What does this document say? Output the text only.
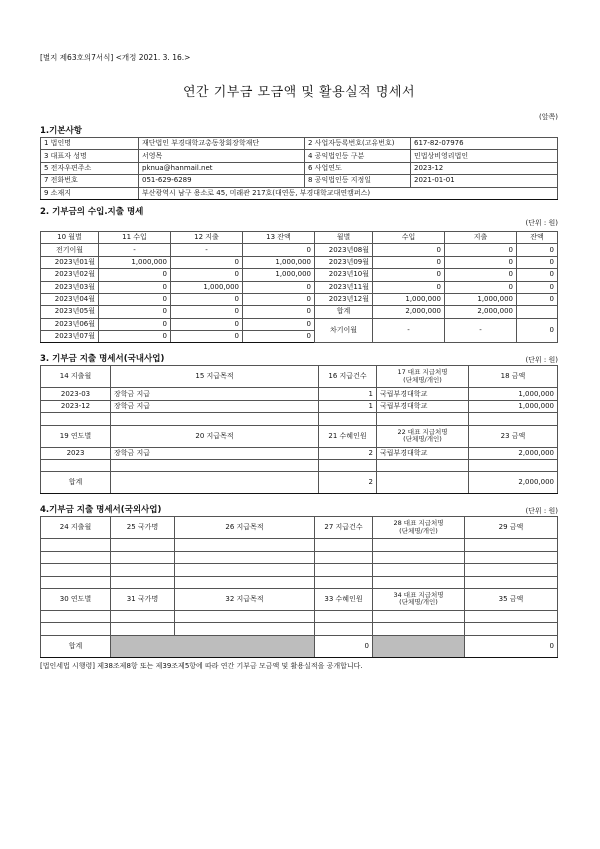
[별지 제63호의7서식] <개정 2021. 3. 16.>
연간 기부금 모금액 및 활용실적 명세서
(앞쪽)
1.기본사항
1 법인명	재단법인 부경대학교총동창회장학재단	2 사업자등록번호(고유번호)	617-82-07976
3 대표자 성명	서영목	4 공익법인등 구분	민법상비영리법인
5 전자우편주소	pknua@hanmail.net	6 사업연도	2023-12
7 전화번호	051-629-6289	8 공익법인등 지정일	2021-01-01
9 소재지	부산광역시 남구 용소로 45, 미래관 217호(대연동, 부경대학교대연캠퍼스)		
2. 기부금의 수입.지출 명세
(단위 : 원)
10 월별	11 수입	12 지출	13 잔액	월별	수입	지출	잔액
전기이월	-	-	0	2023년08월	0	0	0
2023년01월	1,000,000	0	1,000,000	2023년09월	0	0	0
2023년02월	0	0	1,000,000	2023년10월	0	0	0
2023년03월	0	1,000,000	0	2023년11월	0	0	0
2023년04월	0	0	0	2023년12월	1,000,000	1,000,000	0
2023년05월	0	0	0	합계	2,000,000	2,000,000	
2023년06월	0	0	0	차기이월	-	-	0
2023년07월	0	0	0				
3. 기부금 지출 명세서(국내사업)	(단위 : 원)
14 지출월	15 지급목적	16 지급건수	17 대표 지급처명
(단체명/개인)	18 금액
2023-03	장학금 지급	1	국립부경대학교	1,000,000
2023-12	장학금 지급	1	국립부경대학교	1,000,000

19 연도별	20 지급목적	21 수혜인원	22 대표 지급처명
(단체명/개인)	23 금액
2023	장학금 지급	2	국립부경대학교	2,000,000

합계		2		2,000,000
4.기부금 지출 명세서(국외사업)	(단위 : 원)
24 지출월	25 국가명	26 지급목적	27 지급건수	28 대표 지급처명
(단체명/개인)	29 금액

30 연도별	31 국가명	32 지급목적	33 수혜인원	34 대표 지급처명
(단체명/개인)	35 금액

합계			0		0
[법인세법 시행령] 제38조제8항 또는 제39조제5항에 따라 연간 기부금 모금액 및 활용실적을 공개합니다.
